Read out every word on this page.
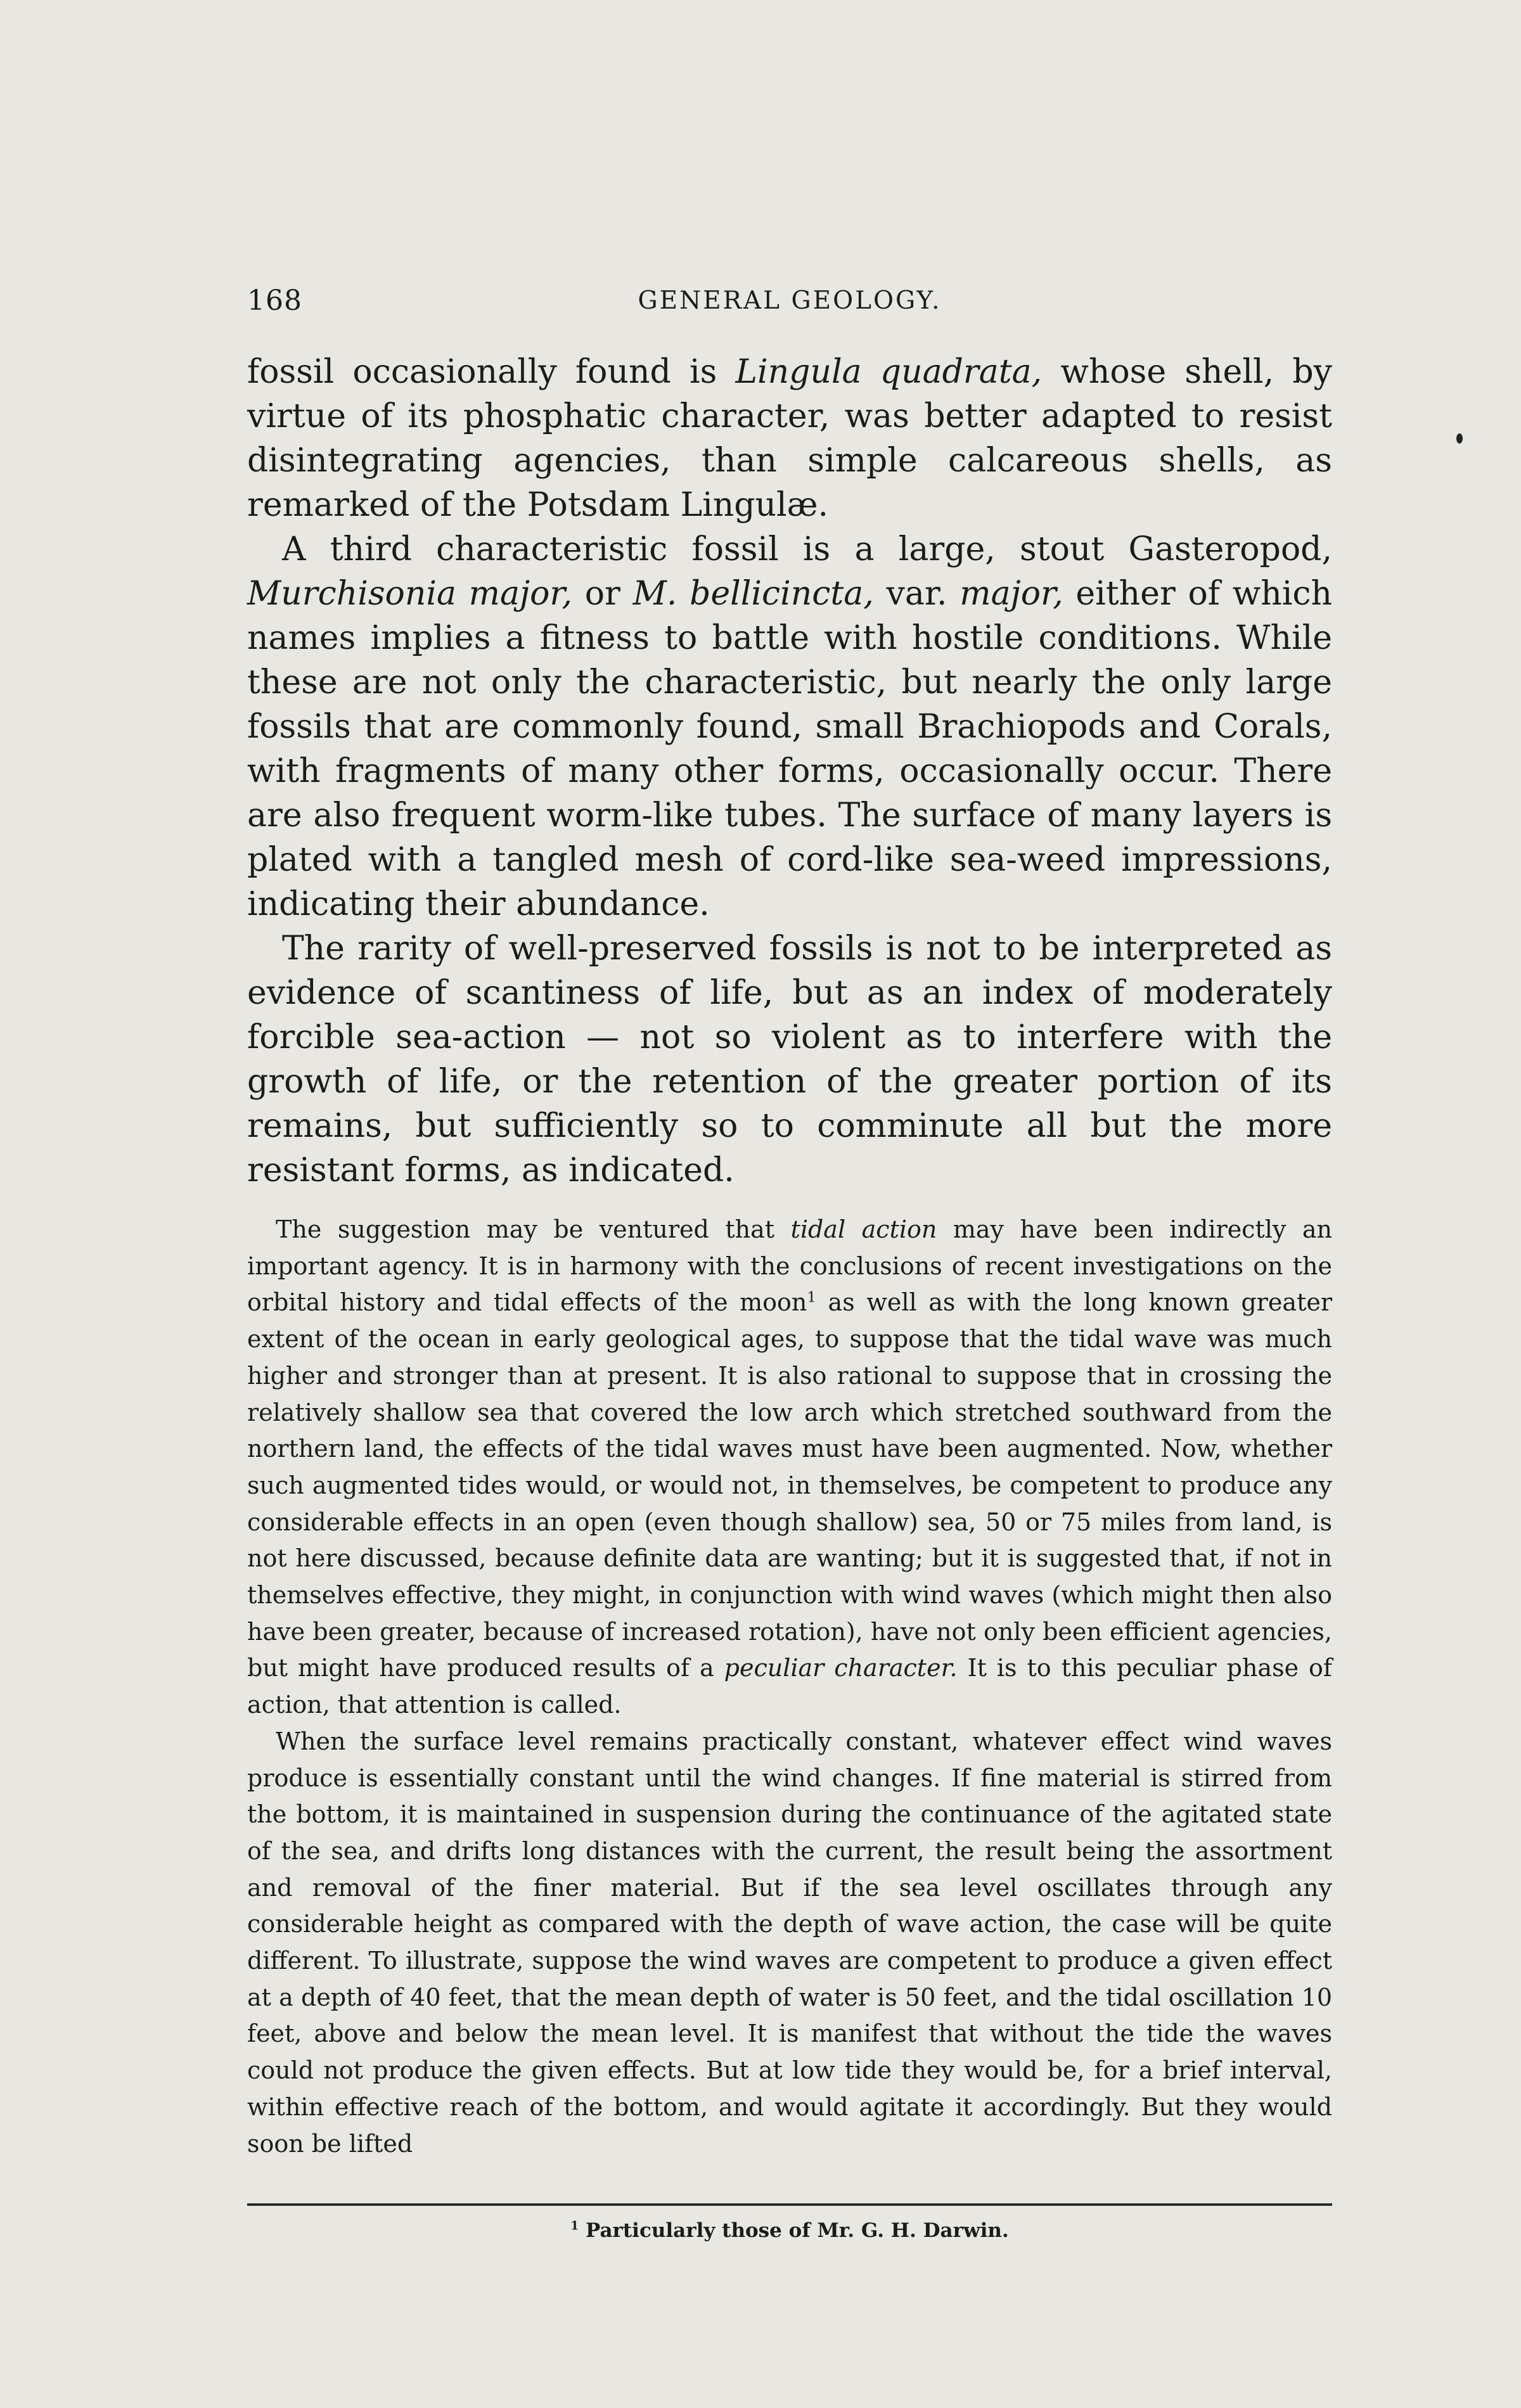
168	GENERAL GEOLOGY.

fossil occasionally found is Lingula quadrata, whose shell, by virtue of its phosphatic character, was better adapted to resist disintegrating agencies, than simple calcareous shells, as remarked of the Potsdam Lingulæ.

A third characteristic fossil is a large, stout Gasteropod, Murchisonia major, or M. bellicincta, var. major, either of which names implies a fitness to battle with hostile conditions. While these are not only the characteristic, but nearly the only large fossils that are commonly found, small Brachiopods and Corals, with fragments of many other forms, occasionally occur. There are also frequent worm-like tubes. The surface of many layers is plated with a tangled mesh of cord-like sea-weed impressions, indicating their abundance.

The rarity of well-preserved fossils is not to be interpreted as evidence of scantiness of life, but as an index of moderately forcible sea-action — not so violent as to interfere with the growth of life, or the retention of the greater portion of its remains, but sufficiently so to comminute all but the more resistant forms, as indicated.

The suggestion may be ventured that tidal action may have been indirectly an important agency. It is in harmony with the conclusions of recent investigations on the orbital history and tidal effects of the moon$^1$ as well as with the long known greater extent of the ocean in early geological ages, to suppose that the tidal wave was much higher and stronger than at present. It is also rational to suppose that in crossing the relatively shallow sea that covered the low arch which stretched southward from the northern land, the effects of the tidal waves must have been augmented. Now, whether such augmented tides would, or would not, in themselves, be competent to produce any considerable effects in an open (even though shallow) sea, 50 or 75 miles from land, is not here discussed, because definite data are wanting; but it is suggested that, if not in themselves effective, they might, in conjunction with wind waves (which might then also have been greater, because of increased rotation), have not only been efficient agencies, but might have produced results of a peculiar character. It is to this peculiar phase of action, that attention is called.

When the surface level remains practically constant, whatever effect wind waves produce is essentially constant until the wind changes. If fine material is stirred from the bottom, it is maintained in suspension during the continuance of the agitated state of the sea, and drifts long distances with the current, the result being the assortment and removal of the finer material. But if the sea level oscillates through any considerable height as compared with the depth of wave action, the case will be quite different. To illustrate, suppose the wind waves are competent to produce a given effect at a depth of 40 feet, that the mean depth of water is 50 feet, and the tidal oscillation 10 feet, above and below the mean level. It is manifest that without the tide the waves could not produce the given effects. But at low tide they would be, for a brief interval, within effective reach of the bottom, and would agitate it accordingly. But they would soon be lifted

$^1$ Particularly those of Mr. G. H. Darwin.
